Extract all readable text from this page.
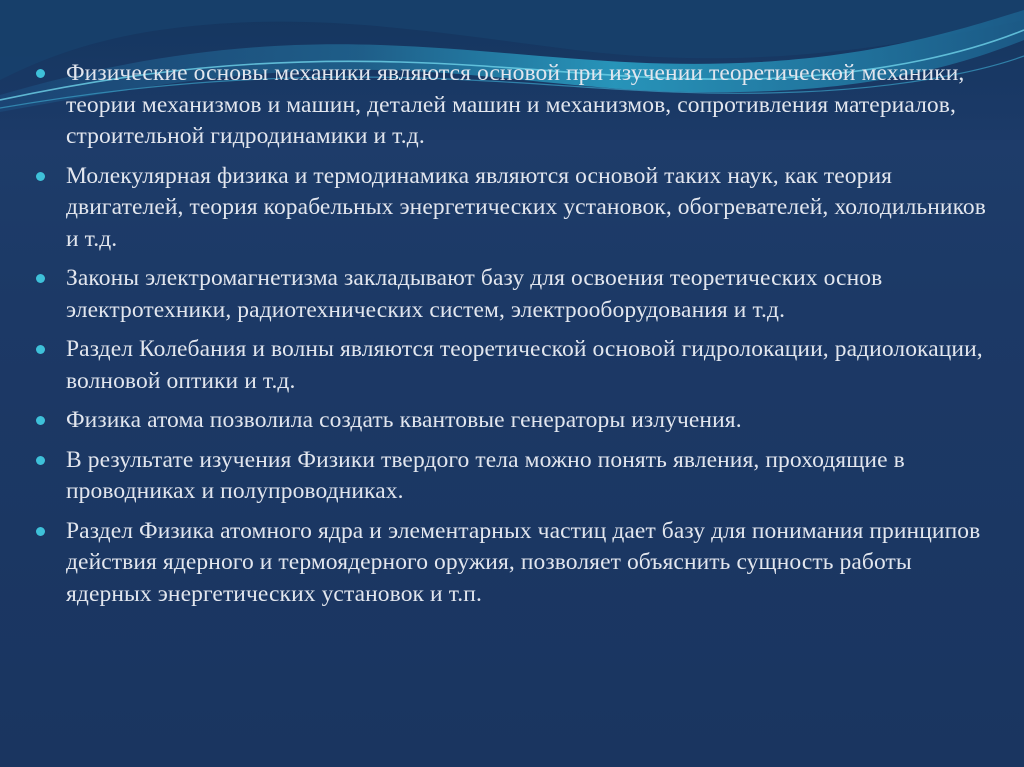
Физические основы механики являются основой при изучении теоретической механики, теории механизмов и машин, деталей машин и механизмов, сопротивления материалов, строительной гидродинамики и т.д.
Молекулярная физика и термодинамика являются основой таких наук, как теория двигателей, теория корабельных энергетических установок, обогревателей, холодильников и т.д.
Законы электромагнетизма закладывают базу для освоения теоретических основ электротехники, радиотехнических систем, электрооборудования и т.д.
Раздел Колебания и волны являются теоретической основой гидролокации, радиолокации, волновой оптики и т.д.
Физика атома позволила создать квантовые генераторы излучения.
В результате изучения Физики твердого тела можно понять явления, проходящие в проводниках и полупроводниках.
Раздел Физика атомного ядра и элементарных частиц дает базу для понимания принципов действия ядерного и термоядерного оружия, позволяет объяснить сущность работы ядерных энергетических установок и т.п.
